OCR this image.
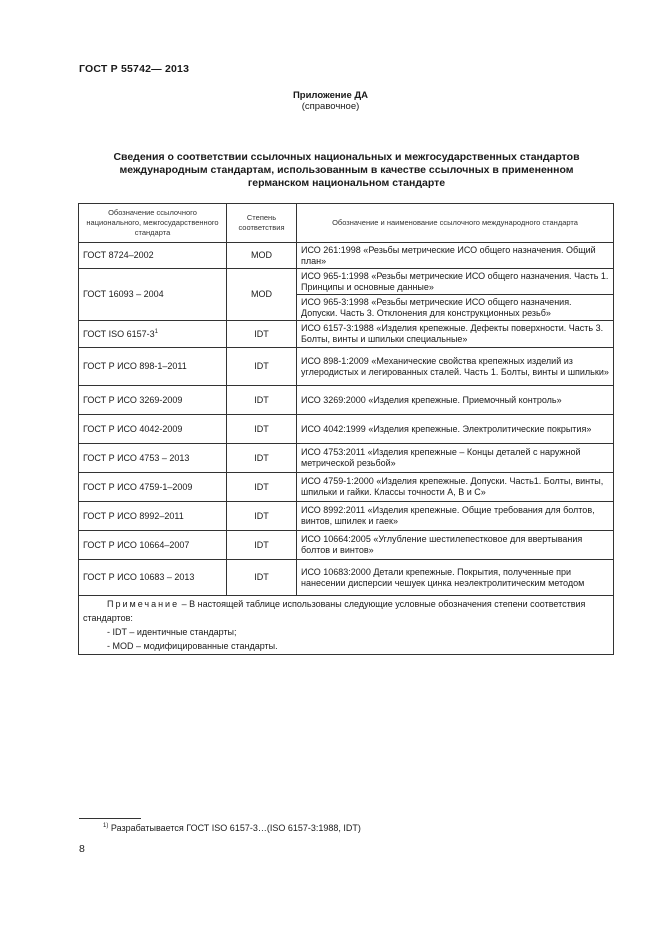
ГОСТ Р 55742— 2013
Приложение ДА
(справочное)
Сведения о соответствии ссылочных национальных и межгосударственных стандартов
международным стандартам, использованным в качестве ссылочных в примененном
германском национальном стандарте
Обозначение ссылочного национального, межгосударственного стандарта	Степень соответствия	Обозначение и наименование ссылочного международного стандарта
ГОСТ 8724–2002	MOD	ИСО 261:1998 «Резьбы метрические ИСО общего назначения. Общий план»
ГОСТ 16093 – 2004	MOD	ИСО 965-1:1998 «Резьбы метрические ИСО общего назначения. Часть 1. Принципы и основные данные»
		ИСО 965-3:1998 «Резьбы метрические ИСО общего назначения. Допуски. Часть 3. Отклонения для конструкционных резьб»
ГОСТ ISO $6157-3^1$	IDT	ИСО 6157-3:1988 «Изделия крепежные. Дефекты поверхности. Часть 3. Болты, винты и шпильки специальные»
ГОСТ Р ИСО 898-1–2011	IDT	ИСО 898-1:2009 «Механические свойства крепежных изделий из углеродистых и легированных сталей. Часть 1. Болты, винты и шпильки»
ГОСТ Р ИСО 3269-2009	IDT	ИСО 3269:2000 «Изделия крепежные. Приемочный контроль»
ГОСТ Р ИСО 4042-2009	IDT	ИСО 4042:1999 «Изделия крепежные. Электролитические покрытия»
ГОСТ Р ИСО 4753 – 2013	IDT	ИСО 4753:2011 «Изделия крепежные – Концы деталей с наружной метрической резьбой»
ГОСТ Р ИСО 4759-1–2009	IDT	ИСО 4759-1:2000 «Изделия крепежные. Допуски. Часть1. Болты, винты, шпильки и гайки. Классы точности А, В и С»
ГОСТ Р ИСО 8992–2011	IDT	ИСО 8992:2011 «Изделия крепежные. Общие требования для болтов, винтов, шпилек и гаек»
ГОСТ Р ИСО 10664–2007	IDT	ИСО 10664:2005 «Углубление шестилепестковое для ввертывания болтов и винтов»
ГОСТ Р ИСО 10683 – 2013	IDT	ИСО 10683:2000 Детали крепежные. Покрытия, полученные при нанесении дисперсии чешуек цинка неэлектролитическим методом

Примечание – В настоящей таблице использованы следующие условные обозначения степени соответствия стандартов:
- IDT – идентичные стандарты;
- MOD – модифицированные стандарты.		
$^{1)}$ Разрабатывается ГОСТ ISO 6157-3…(ISO 6157-3:1988, IDT)
8
